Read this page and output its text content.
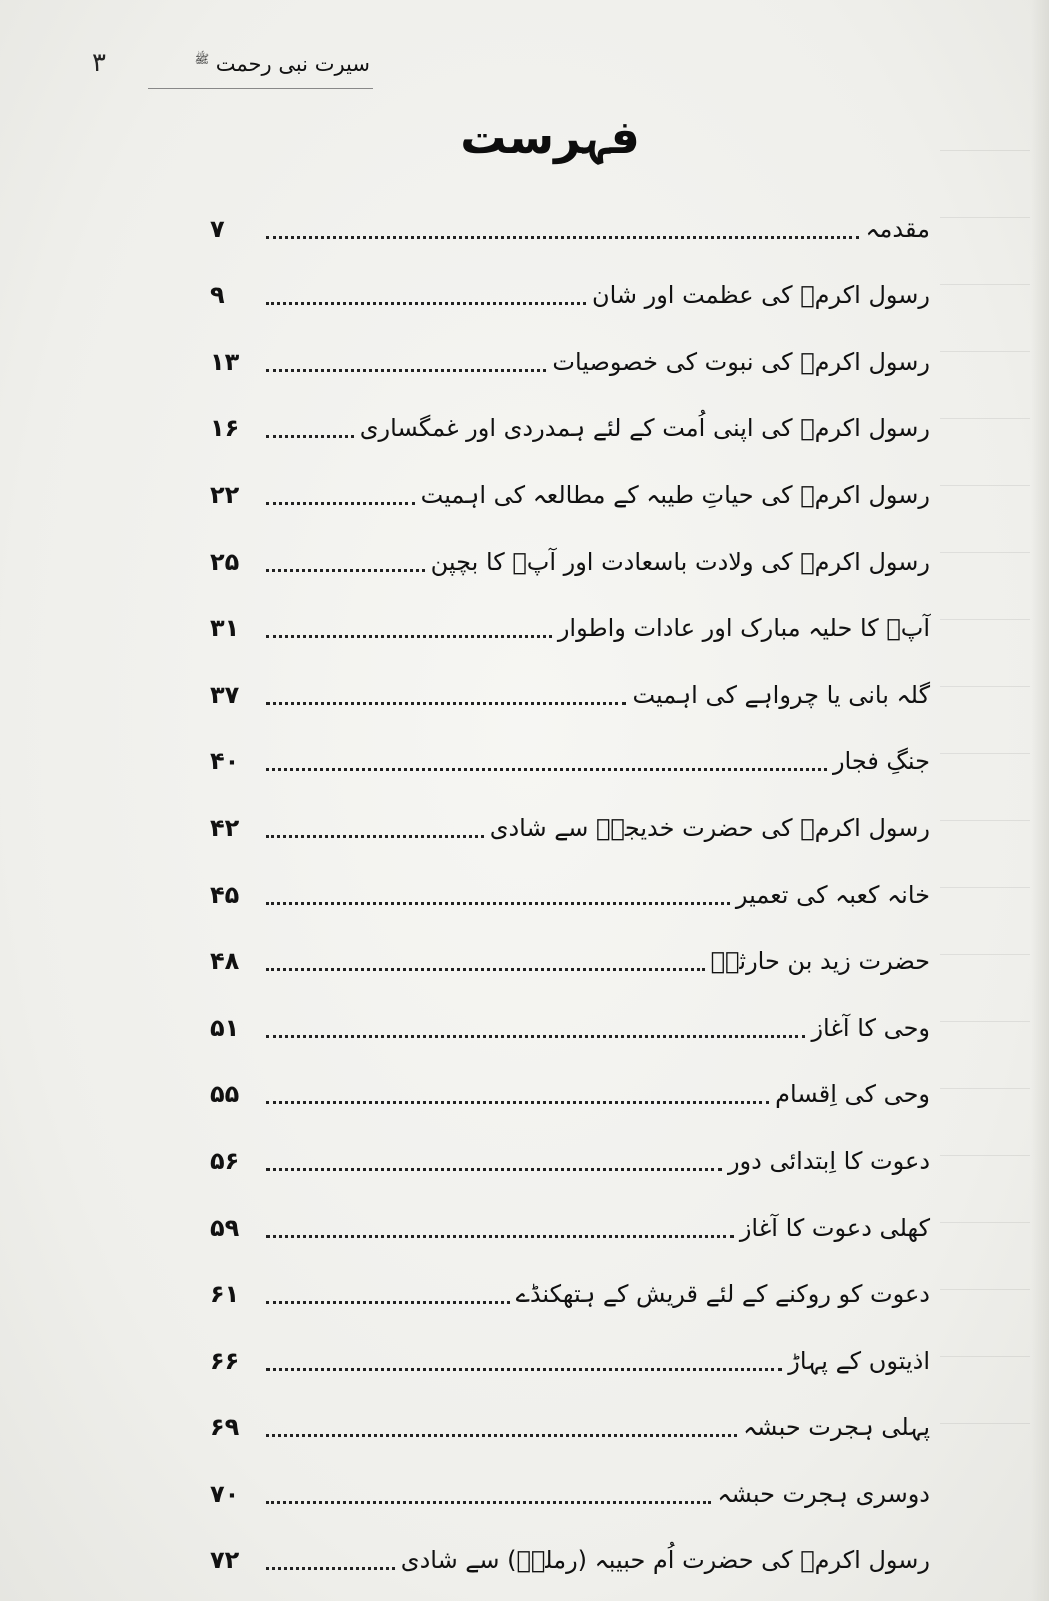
۳	سیرت نبی رحمت $^ﷺ$
فہرست
مقدمہ
۷
رسول اکرمؐ کی عظمت اور شان
۹
رسول اکرمؐ کی نبوت کی خصوصیات
۱۳
رسول اکرمؐ کی اپنی اُمت کے لئے ہمدردی اور غمگساری
۱۶
رسول اکرمؐ کی حیاتِ طیبہ کے مطالعہ کی اہمیت
۲۲
رسول اکرمؐ کی ولادت باسعادت اور آپؐ کا بچپن
۲۵
آپؐ کا حلیہ مبارک اور عادات واطوار
۳۱
گلہ بانی یا چرواہے کی اہمیت
۳۷
جنگِ فجار
۴۰
رسول اکرمؐ کی حضرت خدیجہؓ سے شادی
۴۲
خانہ کعبہ کی تعمیر
۴۵
حضرت زید بن حارثہؓ
۴۸
وحی کا آغاز
۵۱
وحی کی اِقسام
۵۵
دعوت کا اِبتدائی دور
۵۶
کھلی دعوت کا آغاز
۵۹
دعوت کو روکنے کے لئے قریش کے ہتھکنڈے
۶۱
اذیتوں کے پہاڑ
۶۶
پہلی ہجرت حبشہ
۶۹
دوسری ہجرت حبشہ
۷۰
رسول اکرمؐ کی حضرت اُم حبیبہ (رملہؓ) سے شادی
۷۲
